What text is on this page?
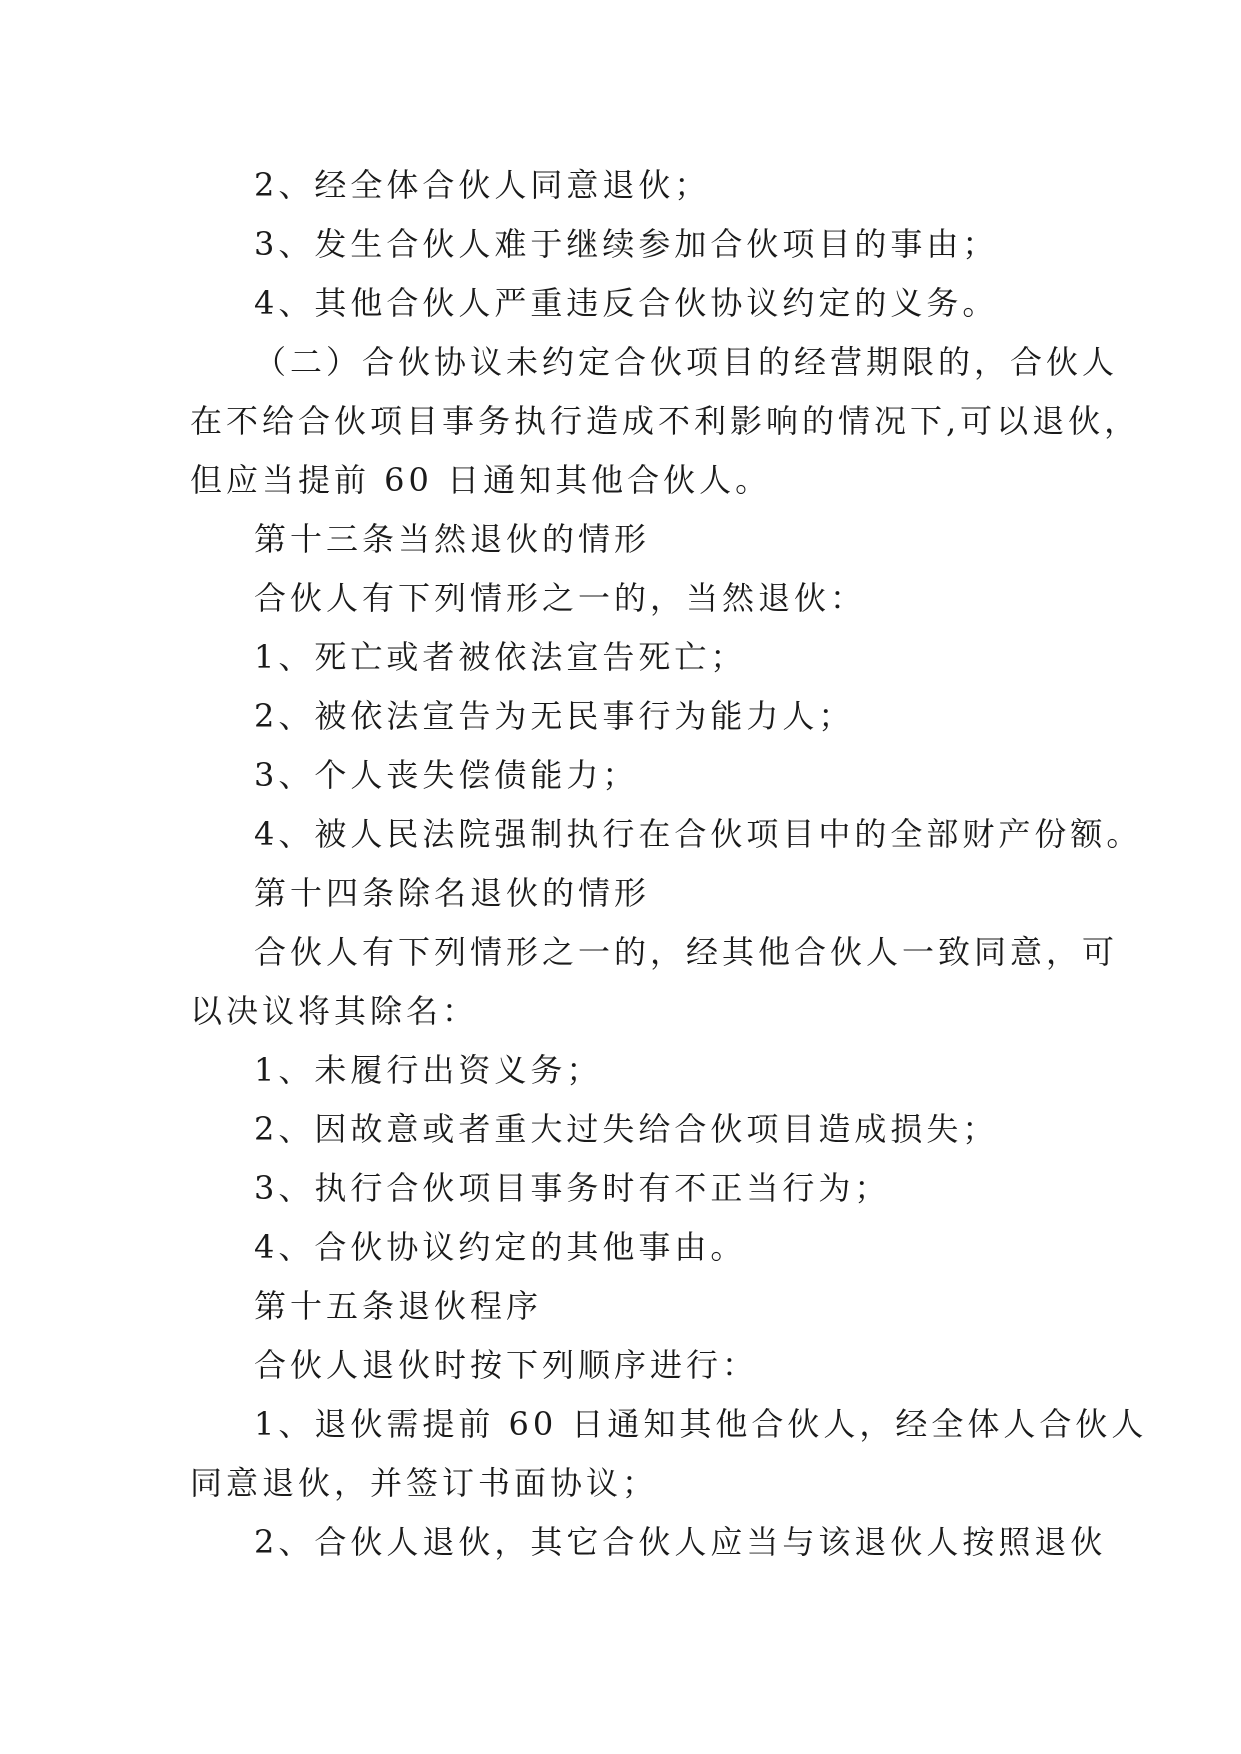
2、经全体合伙人同意退伙；
3、发生合伙人难于继续参加合伙项目的事由；
4、其他合伙人严重违反合伙协议约定的义务。
（二）合伙协议未约定合伙项目的经营期限的，合伙人
在不给合伙项目事务执行造成不利影响的情况下,可以退伙，
但应当提前 60 日通知其他合伙人。
第十三条当然退伙的情形
合伙人有下列情形之一的，当然退伙：
1、死亡或者被依法宣告死亡；
2、被依法宣告为无民事行为能力人；
3、个人丧失偿债能力；
4、被人民法院强制执行在合伙项目中的全部财产份额。
第十四条除名退伙的情形
合伙人有下列情形之一的，经其他合伙人一致同意，可
以决议将其除名：
1、未履行出资义务；
2、因故意或者重大过失给合伙项目造成损失；
3、执行合伙项目事务时有不正当行为；
4、合伙协议约定的其他事由。
第十五条退伙程序
合伙人退伙时按下列顺序进行：
1、退伙需提前 60 日通知其他合伙人，经全体人合伙人
同意退伙，并签订书面协议；
2、合伙人退伙，其它合伙人应当与该退伙人按照退伙
